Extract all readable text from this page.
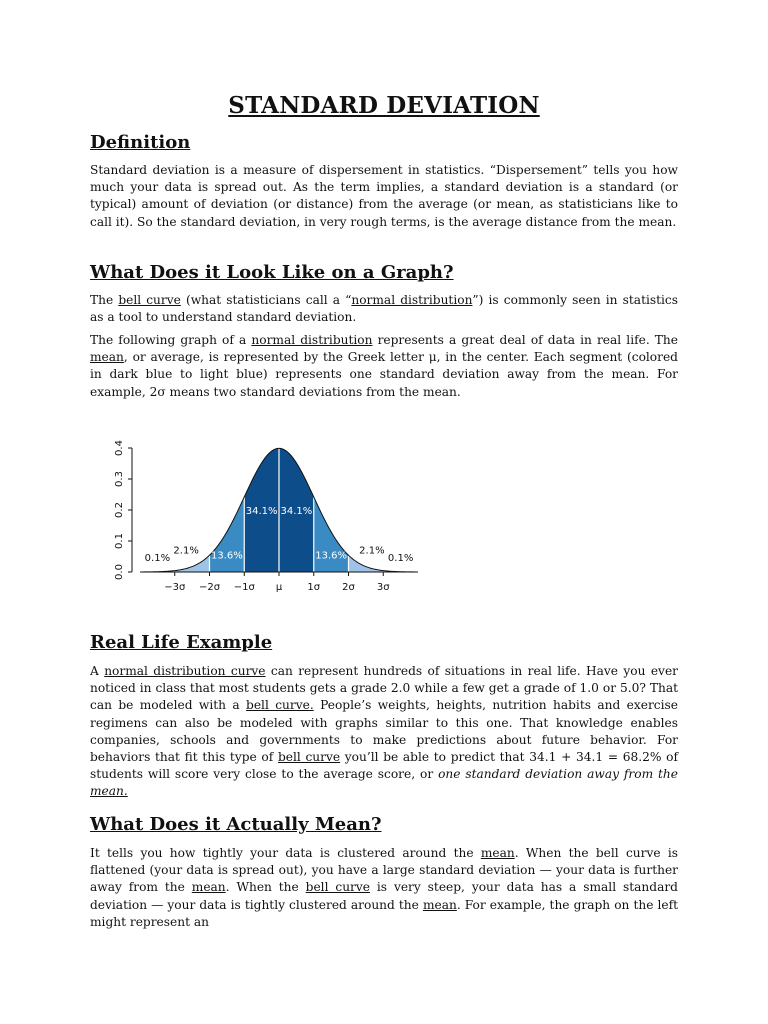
STANDARD DEVIATION
Definition

Standard deviation is a measure of dispersement in statistics. “Dispersement” tells you how much your data is spread out. As the term implies, a standard deviation is a standard (or typical) amount of deviation (or distance) from the average (or mean, as statisticians like to call it). So the standard deviation, in very rough terms, is the average distance from the mean.

What Does it Look Like on a Graph?

The bell curve (what statisticians call a “normal distribution”) is commonly seen in statistics as a tool to understand standard deviation.

The following graph of a normal distribution represents a great deal of data in real life. The mean, or average, is represented by the Greek letter μ, in the center. Each segment (colored in dark blue to light blue) represents one standard deviation away from the mean. For example, 2σ means two standard deviations from the mean.

0.0
0.1
0.2
0.3
0.4
−3σ −2σ −1σ μ	1σ 2σ 3σ
2.1% 13.6%
34.1% 34.1%
13.6% 2.1%
0.1%	0.1%
Real Life Example

A normal distribution curve can represent hundreds of situations in real life. Have you ever noticed in class that most students gets a grade 2.0 while a few get a grade of 1.0 or 5.0? That can be modeled with a bell curve. People’s weights, heights, nutrition habits and exercise regimens can also be modeled with graphs similar to this one. That knowledge enables companies, schools and governments to make predictions about future behavior. For behaviors that fit this type of bell curve you’ll be able to predict that 34.1 + 34.1 = 68.2% of students will score very close to the average score, or one standard deviation away from the mean.

What Does it Actually Mean?

It tells you how tightly your data is clustered around the mean. When the bell curve is flattened (your data is spread out), you have a large standard deviation — your data is further away from the mean. When the bell curve is very steep, your data has a small standard deviation — your data is tightly clustered around the mean. For example, the graph on the left might represent an
